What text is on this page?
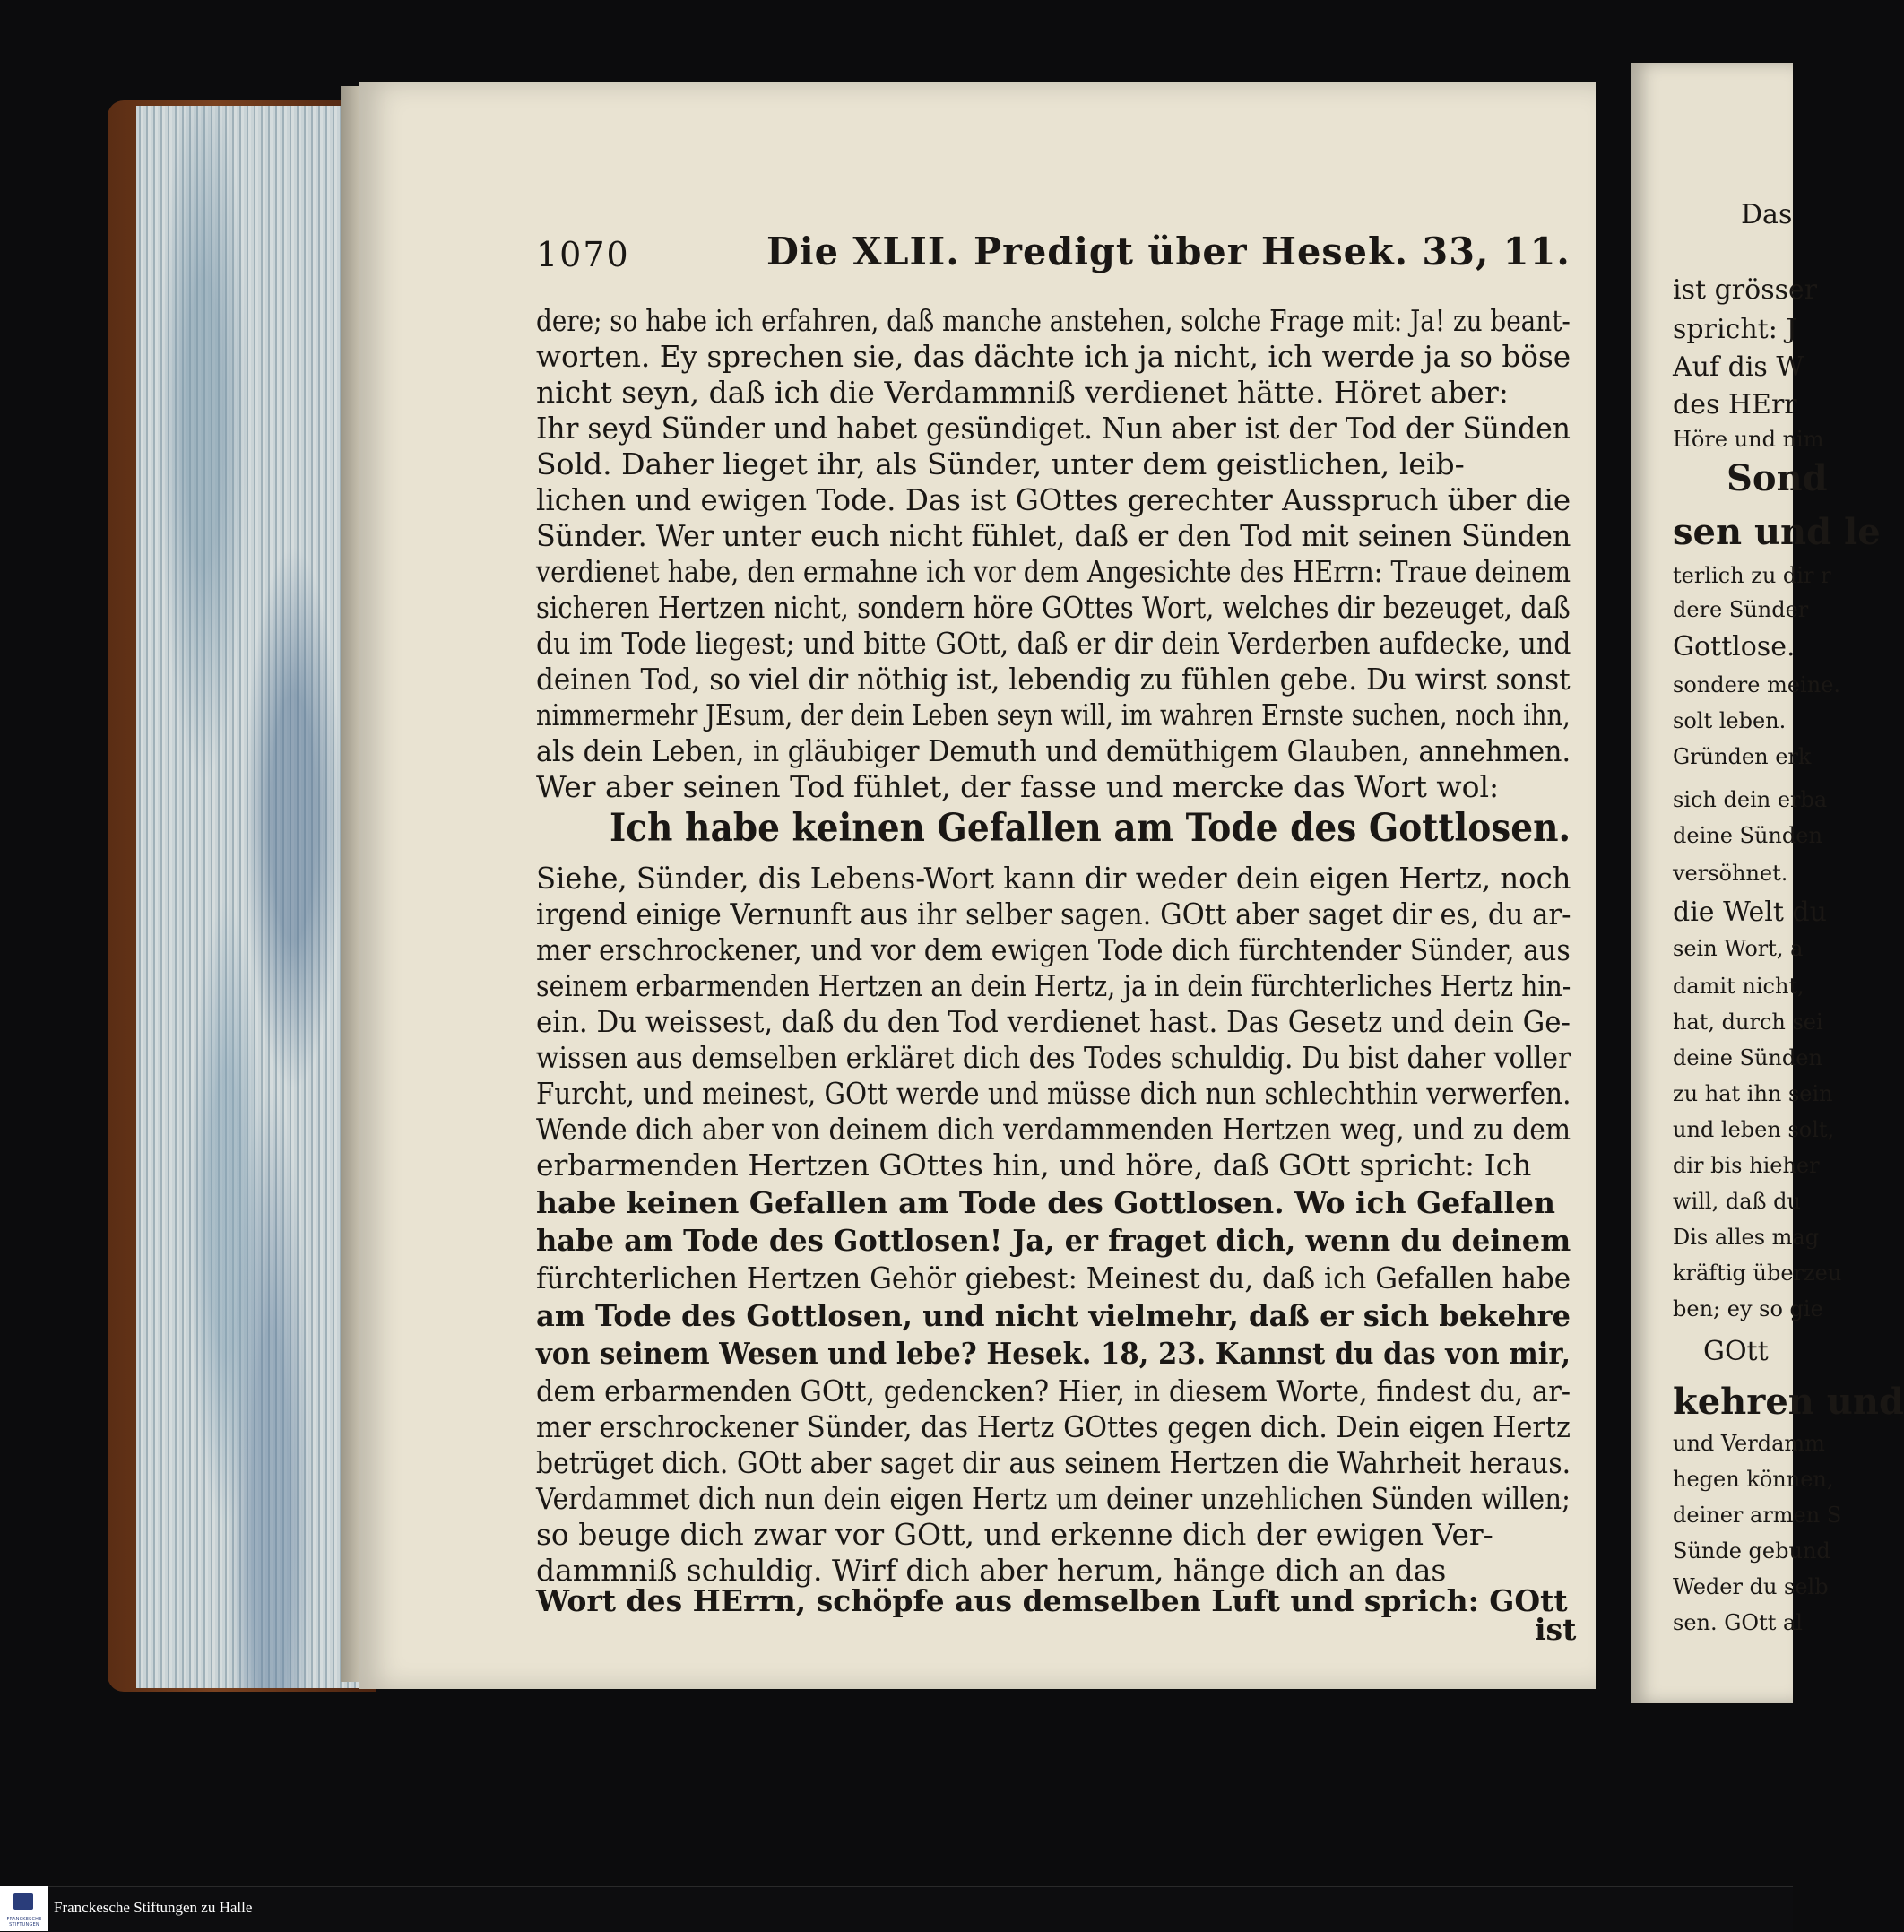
1070	Die XLII. Predigt über Hesek. 33, 11.
dere; so habe ich erfahren, daß manche anstehen, solche Frage mit: Ja! zu beant-
worten. Ey sprechen sie, das dächte ich ja nicht, ich werde ja so böse
nicht seyn, daß ich die Verdammniß verdienet hätte. Höret aber:
Ihr seyd Sünder und habet gesündiget. Nun aber ist der Tod der Sünden
Sold. Daher lieget ihr, als Sünder, unter dem geistlichen, leib-
lichen und ewigen Tode. Das ist GOttes gerechter Ausspruch über die
Sünder. Wer unter euch nicht fühlet, daß er den Tod mit seinen Sünden
verdienet habe, den ermahne ich vor dem Angesichte des HErrn: Traue deinem
sicheren Hertzen nicht, sondern höre GOttes Wort, welches dir bezeuget, daß
du im Tode liegest; und bitte GOtt, daß er dir dein Verderben aufdecke, und
deinen Tod, so viel dir nöthig ist, lebendig zu fühlen gebe. Du wirst sonst
nimmermehr JEsum, der dein Leben seyn will, im wahren Ernste suchen, noch ihn,
als dein Leben, in gläubiger Demuth und demüthigem Glauben, annehmen.
Wer aber seinen Tod fühlet, der fasse und mercke das Wort wol:
Ich habe keinen Gefallen am Tode des Gottlosen.
Siehe, Sünder, dis Lebens-Wort kann dir weder dein eigen Hertz, noch
irgend einige Vernunft aus ihr selber sagen. GOtt aber saget dir es, du ar-
mer erschrockener, und vor dem ewigen Tode dich fürchtender Sünder, aus
seinem erbarmenden Hertzen an dein Hertz, ja in dein fürchterliches Hertz hin-
ein. Du weissest, daß du den Tod verdienet hast. Das Gesetz und dein Ge-
wissen aus demselben erkläret dich des Todes schuldig. Du bist daher voller
Furcht, und meinest, GOtt werde und müsse dich nun schlechthin verwerfen.
Wende dich aber von deinem dich verdammenden Hertzen weg, und zu dem
erbarmenden Hertzen GOttes hin, und höre, daß GOtt spricht: Ich
habe keinen Gefallen am Tode des Gottlosen. Wo ich Gefallen
habe am Tode des Gottlosen! Ja, er fraget dich, wenn du deinem
fürchterlichen Hertzen Gehör giebest: Meinest du, daß ich Gefallen habe
am Tode des Gottlosen, und nicht vielmehr, daß er sich bekehre
von seinem Wesen und lebe? Hesek. 18, 23. Kannst du das von mir,
dem erbarmenden GOtt, gedencken? Hier, in diesem Worte, findest du, ar-
mer erschrockener Sünder, das Hertz GOttes gegen dich. Dein eigen Hertz
betrüget dich. GOtt aber saget dir aus seinem Hertzen die Wahrheit heraus.
Verdammet dich nun dein eigen Hertz um deiner unzehlichen Sünden willen;
so beuge dich zwar vor GOtt, und erkenne dich der ewigen Ver-
dammniß schuldig. Wirf dich aber herum, hänge dich an das
Wort des HErrn, schöpfe aus demselben Luft und sprich: GOtt
ist
Das
ist grösser
spricht: J
Auf dis W
des HErr
Höre und nim
Sond
sen und le
terlich zu dir r
dere Sünder
Gottlose.
sondere meine.
solt leben.
Gründen erk
sich dein erba
deine Sünden
versöhnet.
die Welt du
sein Wort, a
damit nicht,
hat, durch sei
deine Sünden
zu hat ihn sein
und leben solt,
dir bis hieher
will, daß du
Dis alles mag
kräftig überzeu
ben; ey so gie
GOtt
kehren und
und Verdamm
hegen können,
deiner armen S
Sünde gebund
Weder du selb
sen. GOtt al
FRANCKESCHE STIFTUNGEN
Franckesche Stiftungen zu Halle
